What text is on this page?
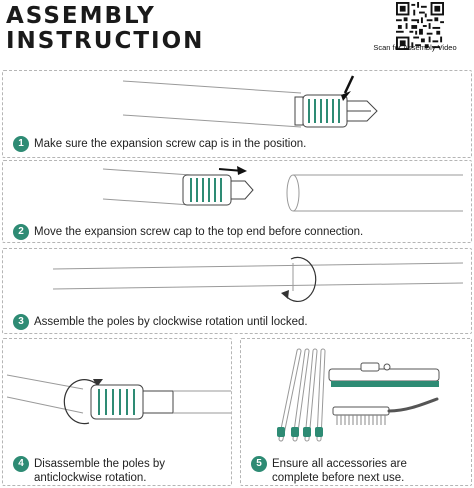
ASSEMBLY
INSTRUCTION	Scan for Assembly Video
1 Make sure the expansion screw cap is in the position.
2 Move the expansion screw cap to the top end before connection.
3 Assemble the poles by clockwise rotation until locked.
4 Disassemble the poles by
anticlockwise rotation.
5 Ensure all accessories are
complete before next use.
